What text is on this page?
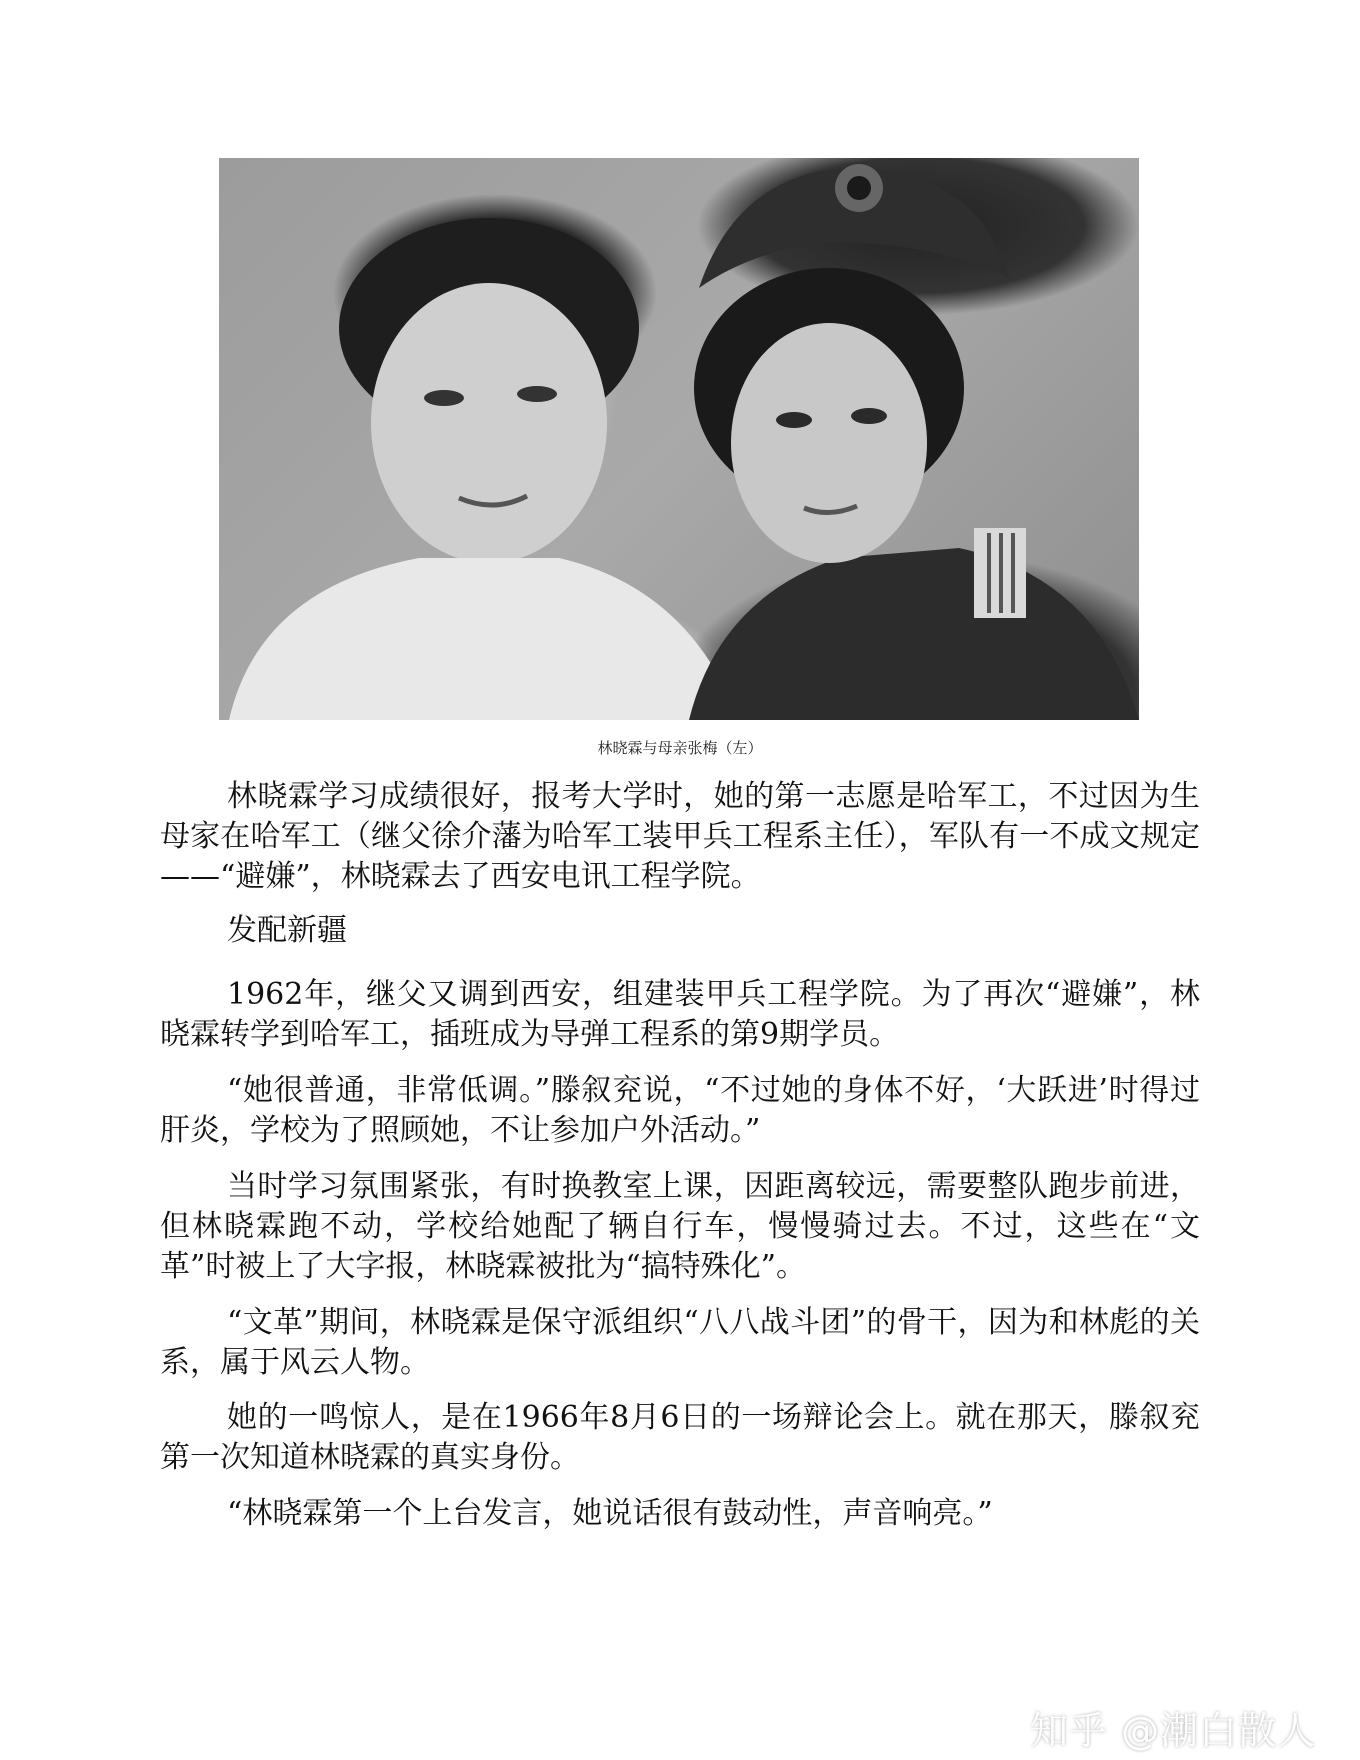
林晓霖与母亲张梅（左）

林晓霖学习成绩很好，报考大学时，她的第一志愿是哈军工，不过因为生母家在哈军工（继父徐介藩为哈军工装甲兵工程系主任），军队有一不成文规定——“避嫌”，林晓霖去了西安电讯工程学院。

发配新疆

1962年，继父又调到西安，组建装甲兵工程学院。为了再次“避嫌”，林晓霖转学到哈军工，插班成为导弹工程系的第9期学员。

“她很普通，非常低调。”滕叙兖说，“不过她的身体不好，‘大跃进’时得过肝炎，学校为了照顾她，不让参加户外活动。”

当时学习氛围紧张，有时换教室上课，因距离较远，需要整队跑步前进，但林晓霖跑不动，学校给她配了辆自行车，慢慢骑过去。不过，这些在“文革”时被上了大字报，林晓霖被批为“搞特殊化”。

“文革”期间，林晓霖是保守派组织“八八战斗团”的骨干，因为和林彪的关系，属于风云人物。

她的一鸣惊人，是在1966年8月6日的一场辩论会上。就在那天，滕叙兖第一次知道林晓霖的真实身份。

“林晓霖第一个上台发言，她说话很有鼓动性，声音响亮。”

知乎 @潮白散人
